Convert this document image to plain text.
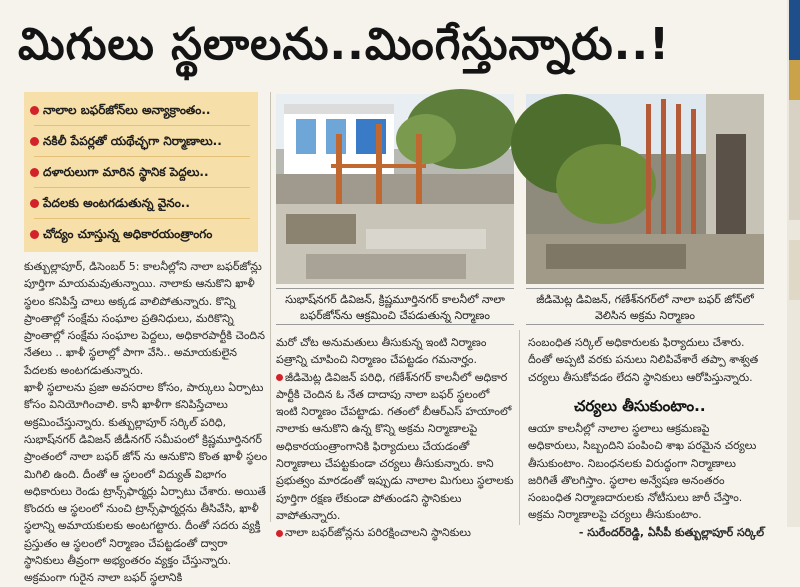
మిగులు స్థలాలను..మింగేస్తున్నారు..!
నాలాల బఫర్‌జోన్‌లు అన్యాక్రాంతం..
నకిలీ పేపర్లతో యథేచ్ఛగా నిర్మాణాలు..
దళారులుగా మారిన స్థానిక పెద్దలు..
పేదలకు అంటగడుతున్న వైనం..
చోద్యం చూస్తున్న అధికారయంత్రాంగం

కుత్బుల్లాపూర్, డిసెంబర్ 5: కాలనీల్లోని నాలా బఫర్‌జోన్లు పూర్తిగా మాయమవుతున్నాయి. నాలాకు ఆనుకొని ఖాళీ స్థలం కనిపిస్తే చాలు అక్కడ వాలిపోతున్నారు. కొన్ని ప్రాంతాల్లో సంక్షేమ సంఘాల ప్రతినిధులు, మరికొన్ని ప్రాంతాల్లో సంక్షేమ సంఘాల పెద్దలు, అధికారపార్టీకి చెందిన నేతలు .. ఖాళీ స్థలాల్లో పాగా వేసి.. అమాయకులైన పేదలకు అంటగడుతున్నారు.

ఖాళీ స్థలాలను ప్రజా అవసరాల కోసం, పార్కులు ఏర్పాటు కోసం వినియోగించాలి. కానీ ఖాళీగా కనిపిస్తేచాలు అక్రమించేస్తున్నారు. కుత్బుల్లాపూర్ సర్కిల్ పరిధి, సుభాష్‌నగర్ డివిజన్ జీడీనగర్ సమీపంలో క్రిష్ణమూర్తినగర్ ప్రాంతంలో నాలా బఫర్ జోన్ ను ఆనుకొని కొంత ఖాళీ స్థలం మిగిలి ఉంది. దీంతో ఆ స్థలంలో విద్యుత్ విభాగం అధికారులు రెండు ట్రాన్స్‌ఫార్మర్లు ఏర్పాటు చేశారు. అయితే కొందరు ఆ స్థలంలో నుంచి ట్రాన్స్‌ఫార్మర్లను తీసివేసి, ఖాళీ స్థలాన్ని అమాయకులకు అంటగట్టారు. దీంతో సదరు వ్యక్తి ప్రస్తుతం ఆ స్థలంలో నిర్మాణం చేపట్టడంతో ద్వారా స్థానికులు తీవ్రంగా అభ్యంతరం వ్యక్తం చేస్తున్నారు. అక్రమంగా గురైన నాలా బఫర్ స్థలానికి

సుభాష్‌నగర్ డివిజన్, క్రిష్ణమూర్తినగర్ కాలనీలో నాలా బఫర్‌జోన్‌ను ఆక్రమించి చేపడుతున్న నిర్మాణం
జీడిమెట్ల డివిజన్, గణేశ్‌నగర్‌లో నాలా బఫర్ జోన్‌లో వెలిసిన అక్రమ నిర్మాణం

మరో చోట అనుమతులు తీసుకున్న ఇంటి నిర్మాణం పత్రాన్ని చూపించి నిర్మాణం చేపట్టడం గమనార్హం.

జీడిమెట్ల డివిజన్ పరిధి, గణేశ్‌నగర్ కాలనీలో అధికార పార్టీకి చెందిన ఓ నేత దాదాపు నాలా బఫర్ స్థలంలో ఇంటి నిర్మాణం చేపట్టాడు. గతంలో బీఆర్ఎస్ హయాంలో నాలాకు ఆనుకొని ఉన్న కొన్ని అక్రమ నిర్మాణాలపై అధికారయంత్రాంగానికి ఫిర్యాదులు చేయడంతో నిర్మాణాలు చేపట్టకుండా చర్యలు తీసుకున్నారు. కాని ప్రభుత్వం మారడంతో ఇప్పుడు నాలాల మిగులు స్థలాలకు పూర్తిగా రక్షణ లేకుండా పోతుండని స్థానికులు వాపోతున్నారు.

నాలా బఫర్‌జోన్లను పరిరక్షించాలని స్థానికులు

సంబంధిత సర్కిల్ అధికారులకు ఫిర్యాదులు చేశారు. దీంతో అప్పటి వరకు పనులు నిలిపివేశారే తప్పా శాశ్వత చర్యలు తీసుకోవడం లేదని స్థానికులు ఆరోపిస్తున్నారు.

చర్యలు తీసుకుంటాం..

ఆయా కాలనీల్లో నాలాల స్థలాలు ఆక్రమణపై అధికారులు, సిబ్బందిని పంపించి శాఖ పరమైన చర్యలు తీసుకుంటాం. నిబంధనలకు విరుద్ధంగా నిర్మాణాలు జరిగితే తొలగిస్తాం. స్థలాల అన్వేషణ అనంతరం సంబంధిత నిర్మాణదారులకు నోటీసులు జారీ చేస్తాం. అక్రమ నిర్మాణాలపై చర్యలు తీసుకుంటాం.

- సురేందర్‌రెడ్డి, ఏసీపీ కుత్బుల్లాపూర్ సర్కిల్
